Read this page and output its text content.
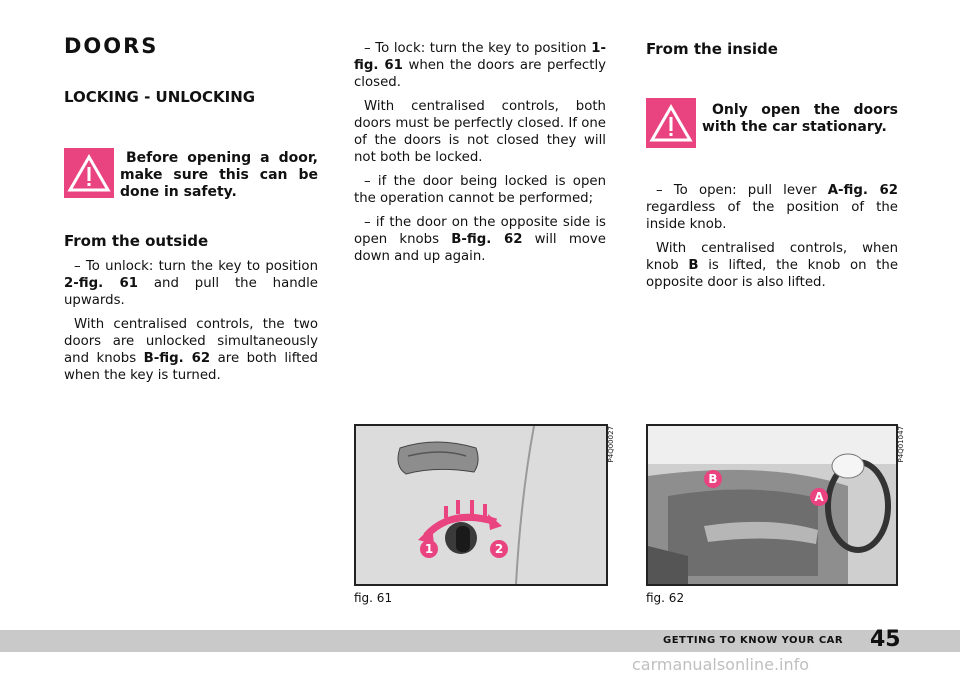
DOORS
LOCKING - UNLOCKING
Before opening a door, make sure this can be done in safety.
From the outside

– To unlock: turn the key to position 2-fig. 61 and pull the handle upwards.

With centralised controls, the two doors are unlocked simultaneously and knobs B-fig. 62 are both lifted when the key is turned.

– To lock: turn the key to position 1-fig. 61 when the doors are perfectly closed.

With centralised controls, both doors must be perfectly closed. If one of the doors is not closed they will not both be locked.

– if the door being locked is open the operation cannot be performed;

– if the door on the opposite side is open knobs B-fig. 62 will move down and up again.

From the inside
Only open the doors with the car stationary.

– To open: pull lever A-fig. 62 regardless of the position of the inside knob.

With centralised controls, when knob B is lifted, the knob on the opposite door is also lifted.

1	2
P4Q00027
fig. 61
B
A
P4Q01047
fig. 62
GETTING TO KNOW YOUR CAR 45
carmanualsonline.info
